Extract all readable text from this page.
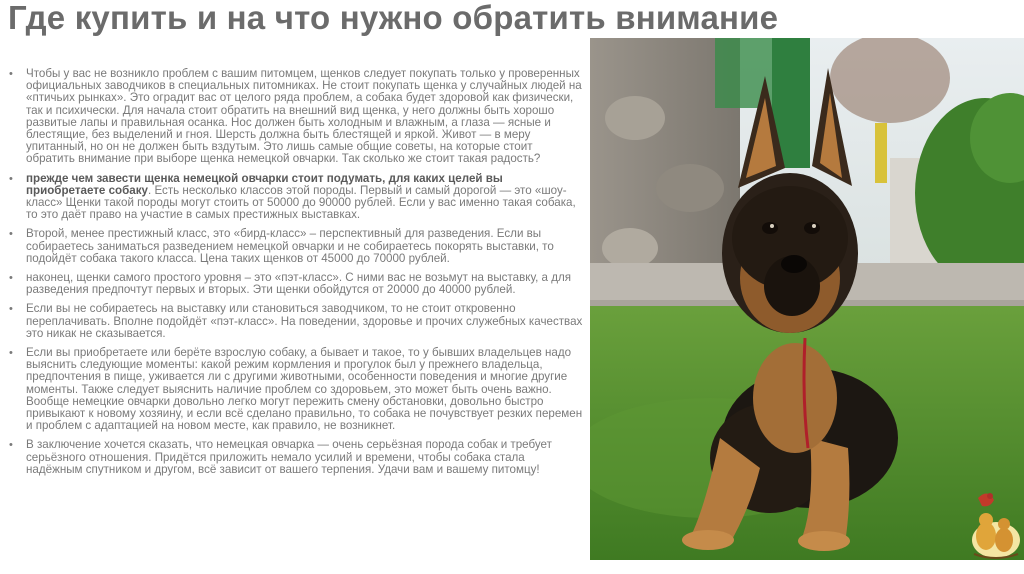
Где купить и на что нужно обратить внимание
• Чтобы у вас не возникло проблем с вашим питомцем, щенков следует покупать только у проверенных официальных заводчиков в специальных питомниках. Не стоит покупать щенка у случайных людей на «птичьих рынках». Это оградит вас от целого ряда проблем, а собака будет здоровой как физически, так и психически. Для начала стоит обратить на внешний вид щенка, у него должны быть хорошо развитые лапы и правильная осанка. Нос должен быть холодным и влажным, а глаза — ясные и блестящие, без выделений и гноя. Шерсть должна быть блестящей и яркой. Живот — в меру упитанный, но он не должен быть вздутым. Это лишь самые общие советы, на которые стоит обратить внимание при выборе щенка немецкой овчарки. Так сколько же стоит такая радость?
• прежде чем завести щенка немецкой овчарки стоит подумать, для каких целей вы приобретаете собаку. Есть несколько классов этой породы. Первый и самый дорогой — это «шоу-класс» Щенки такой породы могут стоить от 50000 до 90000 рублей. Если у вас именно такая собака, то это даёт право на участие в самых престижных выставках.
• Второй, менее престижный класс, это «бирд-класс» – перспективный для разведения. Если вы собираетесь заниматься разведением немецкой овчарки и не собираетесь покорять выставки, то подойдёт собака такого класса. Цена таких щенков от 45000 до 70000 рублей.
• наконец, щенки самого простого уровня – это «пэт-класс». С ними вас не возьмут на выставку, а для разведения предпочтут первых и вторых. Эти щенки обойдутся от 20000 до 40000 рублей.
• Если вы не собираетесь на выставку или становиться заводчиком, то не стоит откровенно переплачивать. Вполне подойдёт «пэт-класс». На поведении, здоровье и прочих служебных качествах это никак не сказывается.
• Если вы приобретаете или берёте взрослую собаку, а бывает и такое, то у бывших владельцев надо выяснить следующие моменты: какой режим кормления и прогулок был у прежнего владельца, предпочтения в пище, уживается ли с другими животными, особенности поведения и многие другие моменты. Также следует выяснить наличие проблем со здоровьем, это может быть очень важно. Вообще немецкие овчарки довольно легко могут пережить смену обстановки, довольно быстро привыкают к новому хозяину, и если всё сделано правильно, то собака не почувствует резких перемен и проблем с адаптацией на новом месте, как правило, не возникнет.
• В заключение хочется сказать, что немецкая овчарка — очень серьёзная порода собак и требует серьёзного отношения. Придётся приложить немало усилий и времени, чтобы собака стала надёжным спутником и другом, всё зависит от вашего терпения. Удачи вам и вашему питомцу!
